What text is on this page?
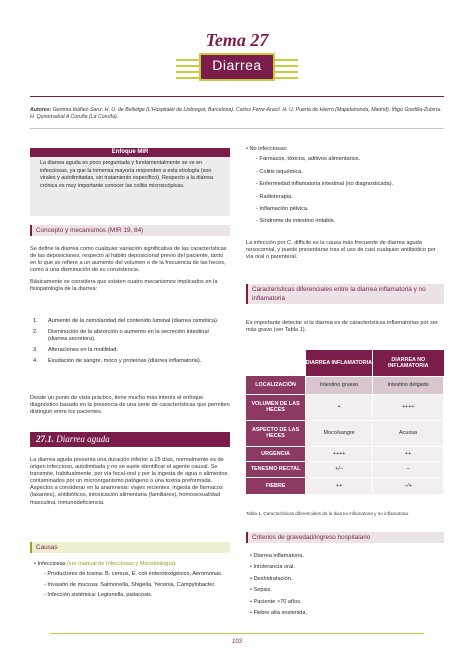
Tema 27
Diarrea
Autores: Gemma Ibáñez-Sanz. H. U. de Bellvitge (L'Hospitalet de Llobregat, Barcelona). Carlos Ferre-Aracil. H. U. Puerta de Hierro (Majadahonda, Madrid). Íñigo Gredilla-Zubiría. H. Quirónsalud A Coruña (La Coruña).
Enfoque MIR
La diarrea aguda es poco preguntada y fundamentalmente se ve en infecciosas, ya que la inmensa mayoría responden a esta etiología (son virales y autolimitadas, sin tratamiento específico). Respecto a la diarrea crónica es muy importante conocer las colitis microscópicas.
Concepto y mecanismos (MIR 19, 84)

Se define la diarrea como cualquier variación significativa de las características de las deposiciones, respecto al hábito deposicional previo del paciente, tanto en lo que se refiere a un aumento del volumen o de la frecuencia de las heces, como a una disminución de su consistencia.

Básicamente se considera que existen cuatro mecanismos implicados en la fisiopatología de la diarrea:

1.	Aumento de la osmolaridad del contenido luminal (diarrea osmótica).
2.	Disminución de la absorción o aumento en la secreción intestinal (diarrea secretora).
3.	Alteraciones en la motilidad.
4.	Exudación de sangre, moco y proteínas (diarrea inflamatoria).

Desde un punto de vista práctico, tiene mucho más interés el enfoque diagnóstico basado en la presencia de una serie de características que permiten distinguir entre los pacientes.

27.1. Diarrea aguda

La diarrea aguda presenta una duración inferior a 15 días, normalmente es de origen infeccioso, autolimitada y no se suele identificar el agente causal. Se transmite, habitualmente, por vía fecal-oral y por la ingesta de agua o alimentos contaminados por un microorganismo patógeno o una toxina preformada. Aspectos a considerar en la anamnesis: viajes recientes, ingesta de fármacos (laxantes), antibióticos, intoxicación alimentaria (familiares), homosexualidad masculina, inmunodeficiencia.

Causas
• Infecciosas (ver manual de Infecciosas y Microbiología):
- Productores de toxina: B. cereus, E. coli enterotoxigénico, Aeromonas.
- Invasión de mucosa: Salmonella, Shigella, Yersinia, Campylobacter.
- Infección sistémica: Legionella, psitacosis.
• No infecciosas:
- Fármacos, tóxicos, aditivos alimentarios.
- Colitis isquémica.
- Enfermedad inflamatoria intestinal (no diagnosticada).
- Radioterapia.
- Inflamación pélvica.
- Síndrome de intestino irritable.

La infección por C. difficile es la causa más frecuente de diarrea aguda nosocomial, y puede presentarse tras el uso de casi cualquier antibiótico por vía oral o parenteral.

Características diferenciales entre la diarrea inflamatoria y no inflamatoria

Es importante detectar si la diarrea es de características inflamatorias por ser más grave (ver Tabla 1).

	DIARREA INFLAMATORIA	DIARREA NO INFLAMATORIA
LOCALIZACIÓN	Intestino grueso	Intestino delgado
VOLUMEN DE LAS HECES	+	++++
ASPECTO DE LAS HECES	Moco/sangre	Acuosa
URGENCIA	++++	++
TENESMO RECTAL	+/−	−
FIEBRE	++	−/+
Tabla 1. Características diferenciales de la diarrea inflamatoria y no inflamatoria.
Criterios de gravedad/ingreso hospitalario
• Diarrea inflamatoria.
• Intolerancia oral.
• Deshidratación.
• Sepsis.
• Paciente >70 años.
• Fiebre alta sostenida.
103
